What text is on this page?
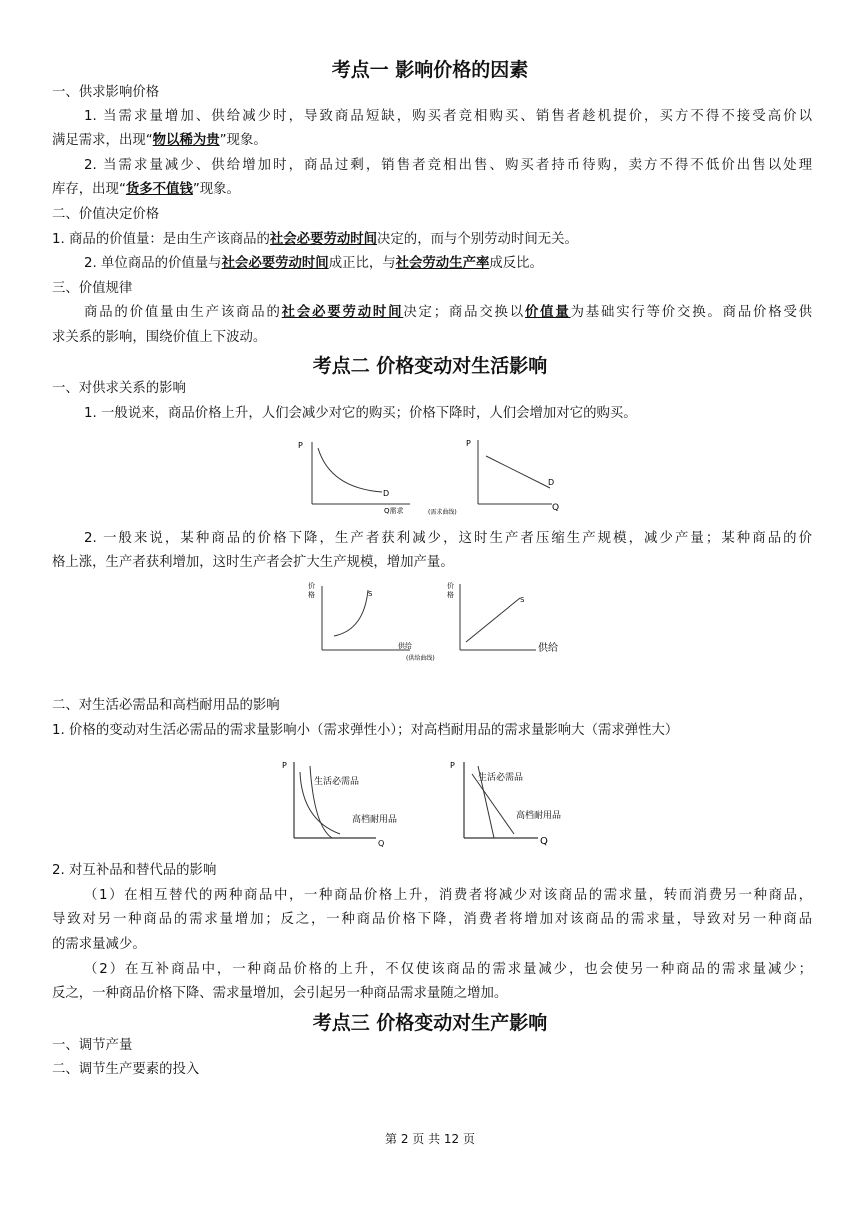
考点一 影响价格的因素
一、供求影响价格
1. 当需求量增加、供给减少时，导致商品短缺，购买者竞相购买、销售者趁机提价，买方不得不接受高价以
满足需求，出现“物以稀为贵”现象。
2. 当需求量减少、供给增加时，商品过剩，销售者竞相出售、购买者持币待购，卖方不得不低价出售以处理
库存，出现“货多不值钱”现象。
二、价值决定价格
1. 商品的价值量：是由生产该商品的社会必要劳动时间决定的，而与个别劳动时间无关。
2. 单位商品的价值量与社会必要劳动时间成正比，与社会劳动生产率成反比。
三、价值规律
商品的价值量由生产该商品的社会必要劳动时间决定；商品交换以价值量为基础实行等价交换。商品价格受供
求关系的影响，围绕价值上下波动。
考点二 价格变动对生活影响
一、对供求关系的影响
1. 一般说来，商品价格上升，人们会减少对它的购买；价格下降时，人们会增加对它的购买。
P
D
Q需求	(需求曲线)
P
D
Q
2. 一般来说，某种商品的价格下降，生产者获利减少，这时生产者压缩生产规模，减少产量；某种商品的价
格上涨，生产者获利增加，这时生产者会扩大生产规模，增加产量。
价
格	S
供给
(供给曲线)
价
格
S
供给
二、对生活必需品和高档耐用品的影响
1. 价格的变动对生活必需品的需求量影响小（需求弹性小）；对高档耐用品的需求量影响大（需求弹性大）
P
Q
生活必需品
高档耐用品
P
Q
生活必需品
高档耐用品
2. 对互补品和替代品的影响
（1）在相互替代的两种商品中，一种商品价格上升，消费者将减少对该商品的需求量，转而消费另一种商品，
导致对另一种商品的需求量增加；反之，一种商品价格下降，消费者将增加对该商品的需求量，导致对另一种商品
的需求量减少。
（2）在互补商品中，一种商品价格的上升，不仅使该商品的需求量减少，也会使另一种商品的需求量减少；
反之，一种商品价格下降、需求量增加，会引起另一种商品需求量随之增加。
考点三 价格变动对生产影响
一、调节产量
二、调节生产要素的投入
第 2 页 共 12 页
